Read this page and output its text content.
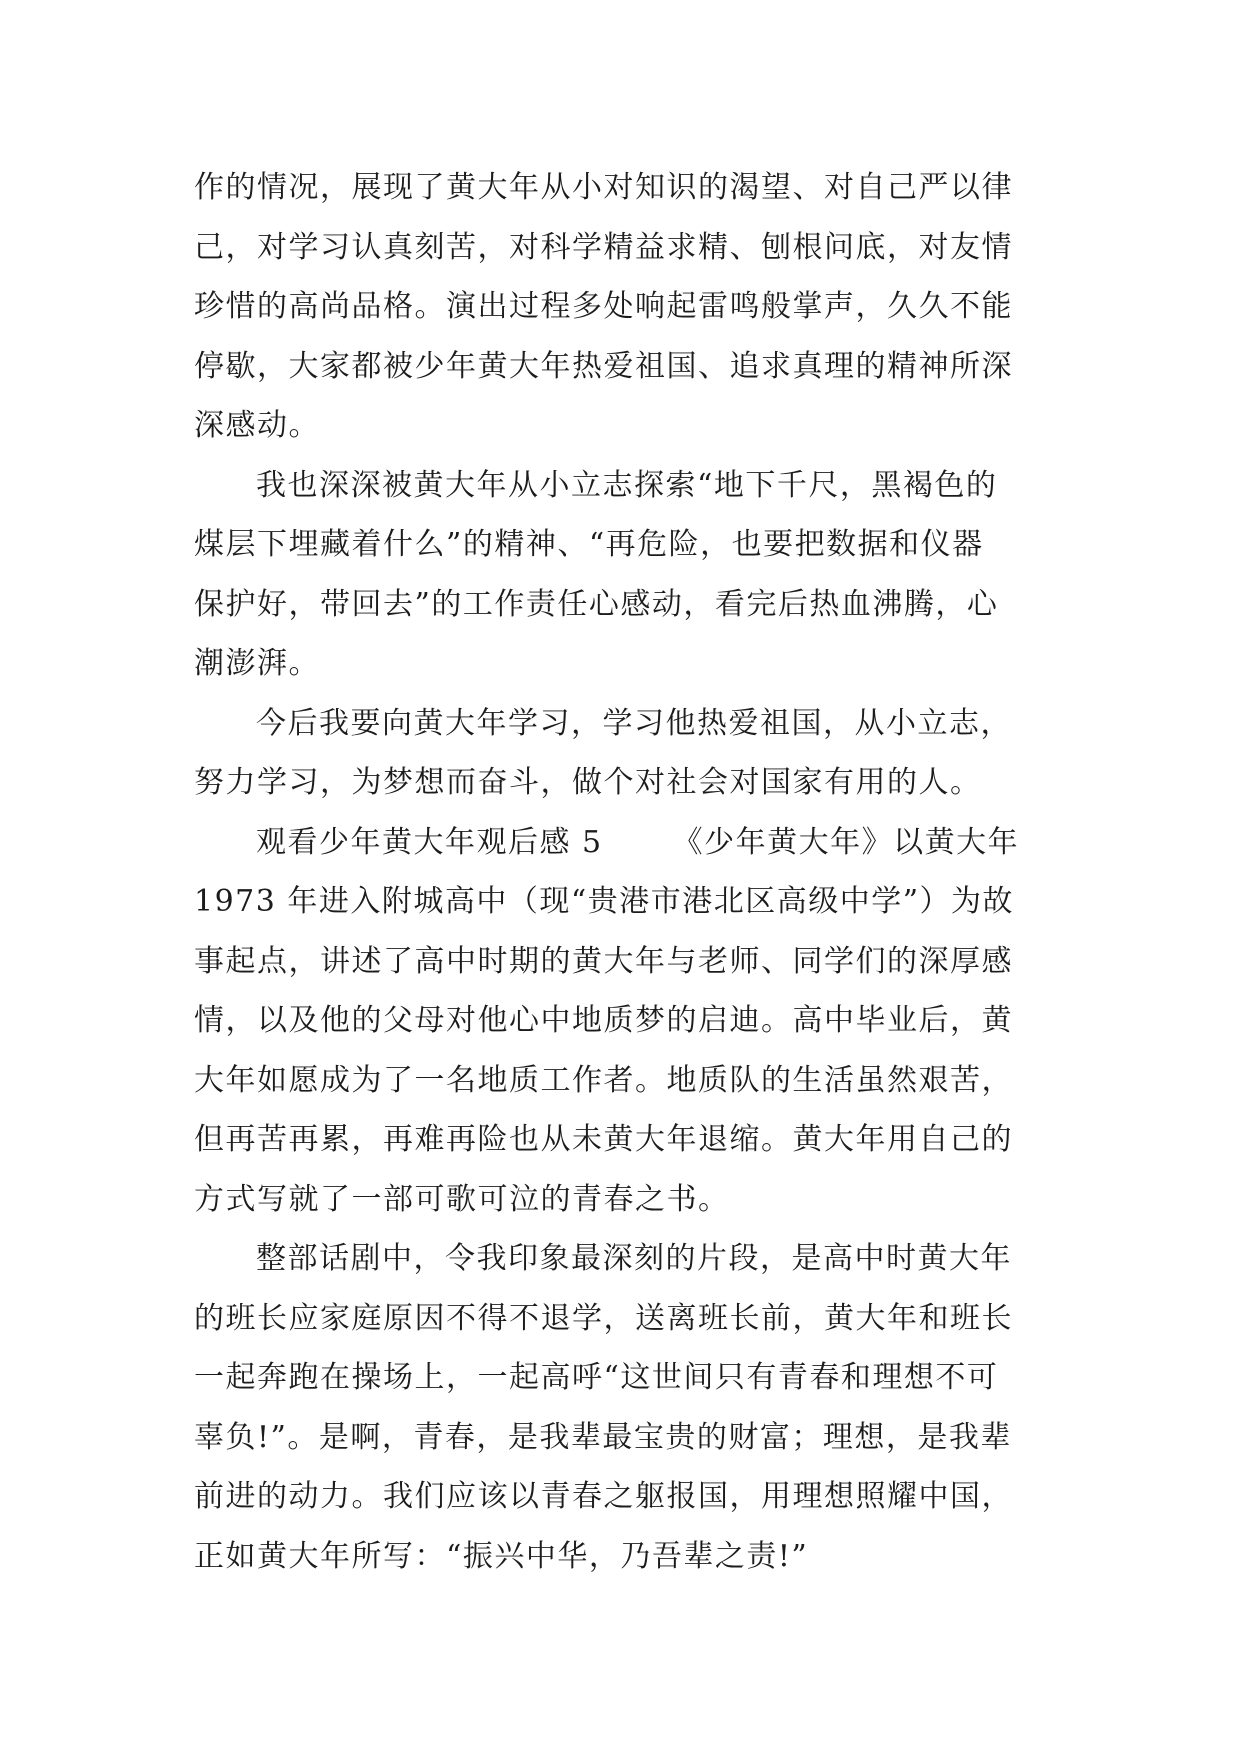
作的情况，展现了黄大年从小对知识的渴望、对自己严以律
己，对学习认真刻苦，对科学精益求精、刨根问底，对友情
珍惜的高尚品格。演出过程多处响起雷鸣般掌声，久久不能
停歇，大家都被少年黄大年热爱祖国、追求真理的精神所深
深感动。
我也深深被黄大年从小立志探索“地下千尺，黑褐色的
煤层下埋藏着什么”的精神、“再危险，也要把数据和仪器
保护好，带回去”的工作责任心感动，看完后热血沸腾，心
潮澎湃。
今后我要向黄大年学习，学习他热爱祖国，从小立志，
努力学习，为梦想而奋斗，做个对社会对国家有用的人。
观看少年黄大年观后感 5 《少年黄大年》以黄大年
1973 年进入附城高中（现“贵港市港北区高级中学”）为故
事起点，讲述了高中时期的黄大年与老师、同学们的深厚感
情，以及他的父母对他心中地质梦的启迪。高中毕业后，黄
大年如愿成为了一名地质工作者。地质队的生活虽然艰苦，
但再苦再累，再难再险也从未黄大年退缩。黄大年用自己的
方式写就了一部可歌可泣的青春之书。
整部话剧中，令我印象最深刻的片段，是高中时黄大年
的班长应家庭原因不得不退学，送离班长前，黄大年和班长
一起奔跑在操场上，一起高呼“这世间只有青春和理想不可
辜负!”。是啊，青春，是我辈最宝贵的财富；理想，是我辈
前进的动力。我们应该以青春之躯报国，用理想照耀中国，
正如黄大年所写：“振兴中华，乃吾辈之责!”
